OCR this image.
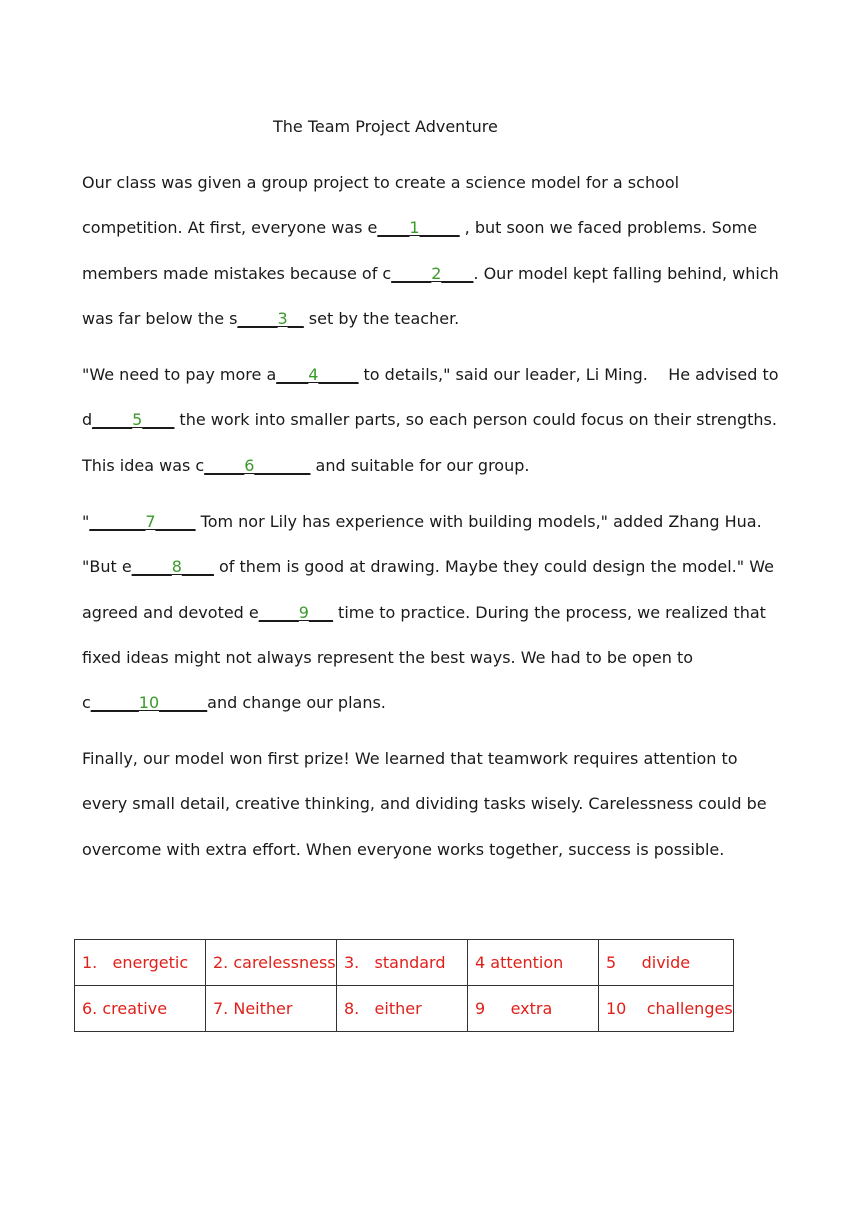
The Team Project Adventure
Our class was given a group project to create a science model for a school
competition. At first, everyone was e____1_____ , but soon we faced problems. Some
members made mistakes because of c_____2____. Our model kept falling behind, which
was far below the s_____3__ set by the teacher.
"We need to pay more a____4_____ to details," said our leader, Li Ming.    He advised to
d_____5____ the work into smaller parts, so each person could focus on their strengths.
This idea was c_____6_______ and suitable for our group.
"_______7_____ Tom nor Lily has experience with building models," added Zhang Hua.
"But e_____8____ of them is good at drawing. Maybe they could design the model." We
agreed and devoted e_____9___ time to practice. During the process, we realized that
fixed ideas might not always represent the best ways. We had to be open to
c______10______and change our plans.
Finally, our model won first prize! We learned that teamwork requires attention to
every small detail, creative thinking, and dividing tasks wisely. Carelessness could be
overcome with extra effort. When everyone works together, success is possible.
1.   energetic	2. carelessness	3.   standard	4 attention	5     divide
6. creative	7. Neither	8.   either	9     extra	10    challenges
